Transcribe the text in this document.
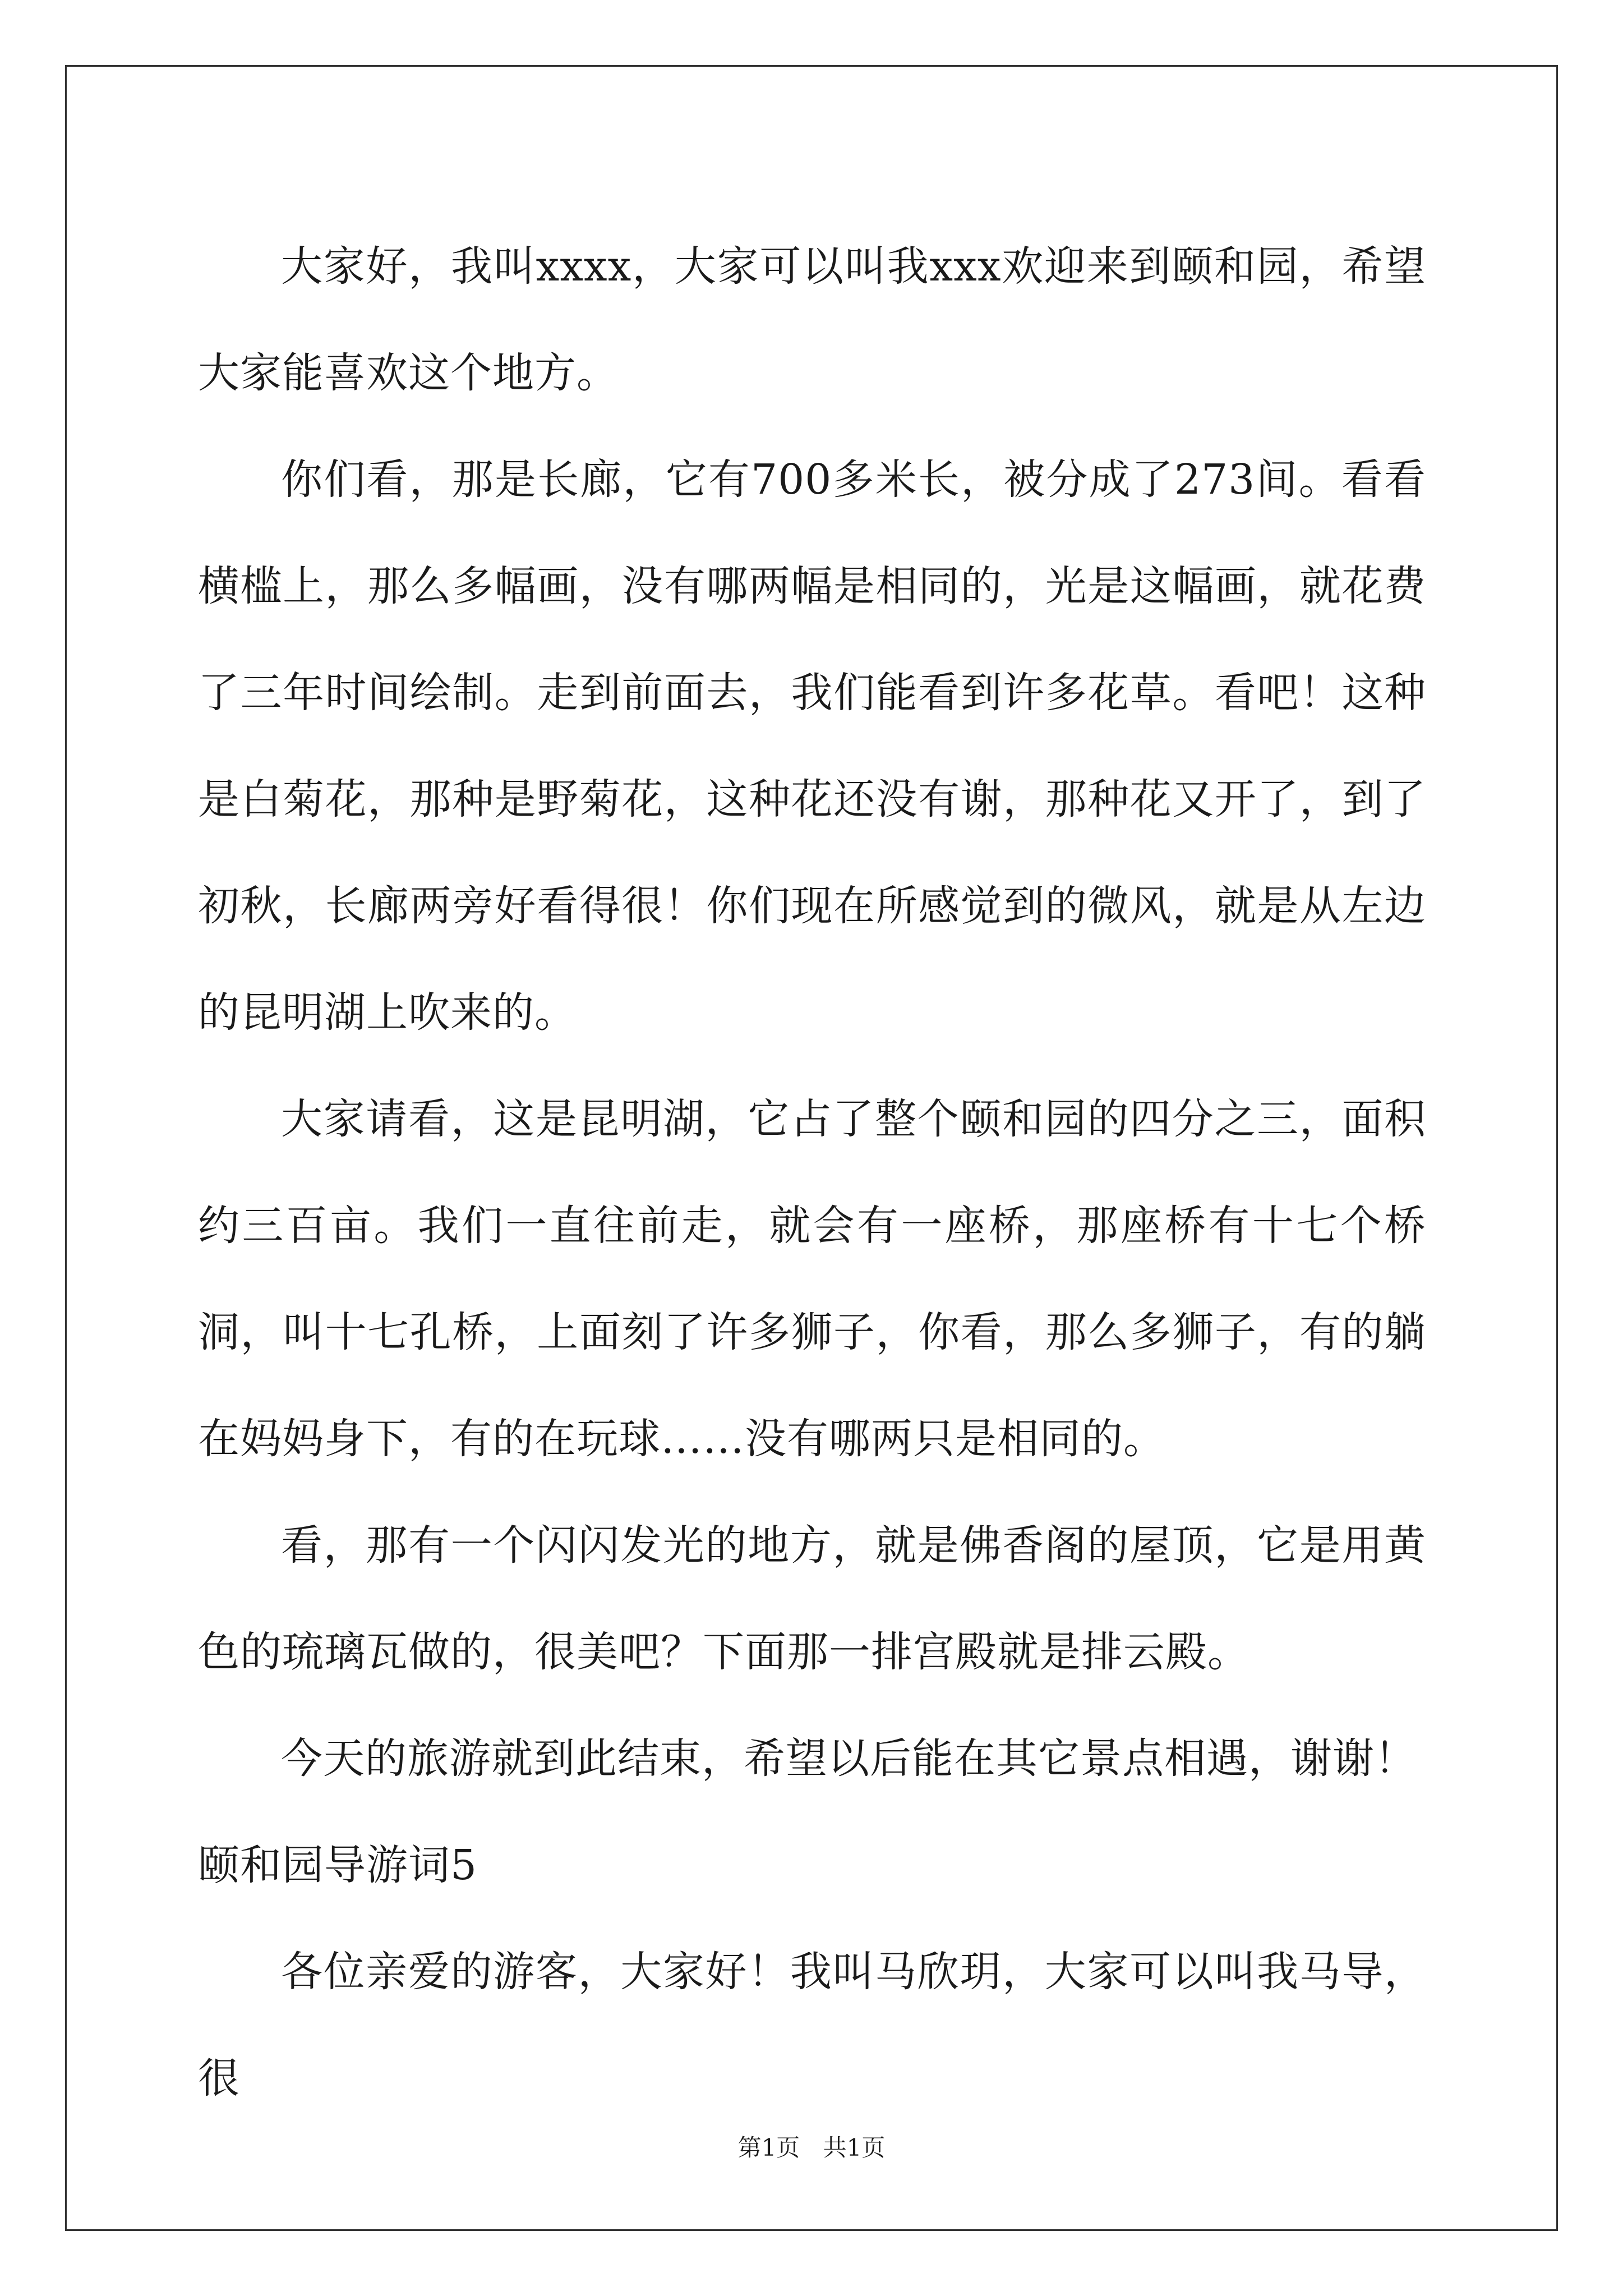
大家好，我叫xxxx，大家可以叫我xxx欢迎来到颐和园，希望大家能喜欢这个地方。

你们看，那是长廊，它有700多米长，被分成了273间。看看横槛上，那么多幅画，没有哪两幅是相同的，光是这幅画，就花费了三年时间绘制。走到前面去，我们能看到许多花草。看吧！这种是白菊花，那种是野菊花，这种花还没有谢，那种花又开了，到了初秋，长廊两旁好看得很！你们现在所感觉到的微风，就是从左边的昆明湖上吹来的。

大家请看，这是昆明湖，它占了整个颐和园的四分之三，面积约三百亩。我们一直往前走，就会有一座桥，那座桥有十七个桥洞，叫十七孔桥，上面刻了许多狮子，你看，那么多狮子，有的躺在妈妈身下，有的在玩球……没有哪两只是相同的。

看，那有一个闪闪发光的地方，就是佛香阁的屋顶，它是用黄色的琉璃瓦做的，很美吧？下面那一排宫殿就是排云殿。

今天的旅游就到此结束，希望以后能在其它景点相遇，谢谢！

颐和园导游词5

各位亲爱的游客，大家好！我叫马欣玥，大家可以叫我马导，很

第1页 共1页
